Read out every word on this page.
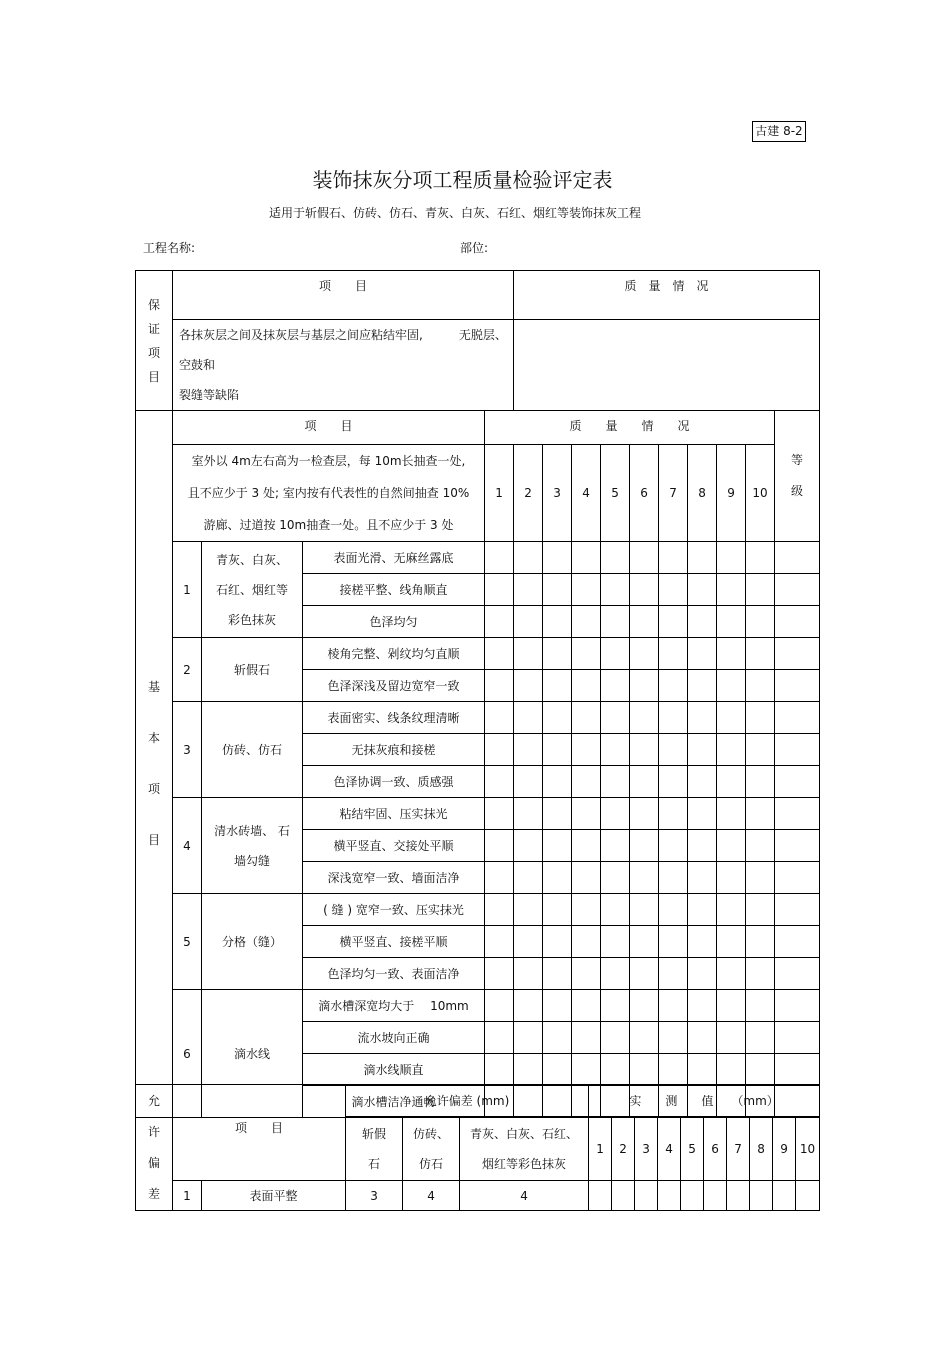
古建 8-2
装饰抹灰分项工程质量检验评定表
适用于斩假石、仿砖、仿石、青灰、白灰、石红、烟红等装饰抹灰工程
工程名称:	部位:
保
证
项
目	项　　目				质　量　情　况									
	各抹灰层之间及抹灰层与基层之间应粘结牢固,　　　无脱层、空鼓和
裂缝等缺陷													
基
本
项
目	项　　目			质　　量　　情　　况										等
级
	室外以 4m左右高为一检查层，每 10m长抽查一处,
且不应少于 3 处; 室内按有代表性的自然间抽查 10%
游廊、过道按 10m抽查一处。且不应少于 3 处			1	2	3	4	5	6	7	8	9	10	
	1	青灰、白灰、
石红、烟红等
彩色抹灰	表面光滑、无麻丝露底											
			接槎平整、线角顺直											
			色泽均匀											
	2	斩假石	棱角完整、剁纹均匀直顺											
			色泽深浅及留边宽窄一致											
	3	仿砖、仿石	表面密实、线条纹理清晰											
			无抹灰痕和接槎											
			色泽协调一致、质感强											
	4	清水砖墙、 石
墙勾缝	粘结牢固、压实抹光											
			横平竖直、交接处平顺											
			深浅宽窄一致、墙面洁净											
	5	分格（缝）	( 缝 ) 宽窄一致、压实抹光											
			横平竖直、接槎平顺											
			色泽均匀一致、表面洁净											
	6	滴水线	滴水槽深宽均大于　 10mm											
			流水坡向正确											
			滴水线顺直											
			滴水槽洁净通畅											
允
许
偏
差	项　　目		允许偏差 (mm)			实　　测　　值　　（mm）									
			斩假
石	仿砖、
仿石	青灰、白灰、石红、
烟红等彩色抹灰	1	2	3	4	5	6	7	8	9	10
	1	表面平整	3	4	4										
